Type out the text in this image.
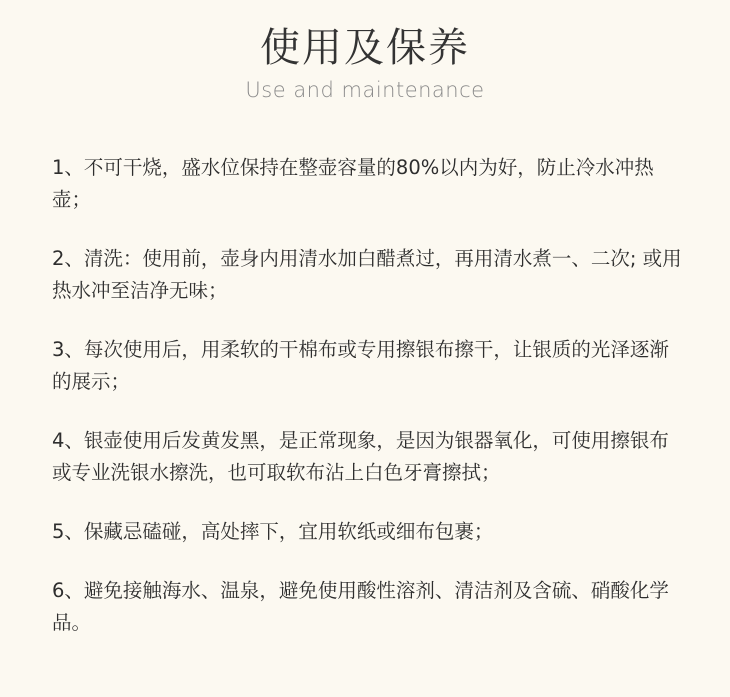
使用及保养
Use and maintenance
1、不可干烧，盛水位保持在整壶容量的80%以内为好，防止冷水冲热壶；
2、清洗：使用前，壶身内用清水加白醋煮过，再用清水煮一、二次; 或用热水冲至洁净无味；
3、每次使用后，用柔软的干棉布或专用擦银布擦干，让银质的光泽逐渐的展示；
4、银壶使用后发黄发黑，是正常现象，是因为银器氧化，可使用擦银布或专业洗银水擦洗，也可取软布沾上白色牙膏擦拭；
5、保藏忌磕碰，高处摔下，宜用软纸或细布包裹；
6、避免接触海水、温泉，避免使用酸性溶剂、清洁剂及含硫、硝酸化学品。
